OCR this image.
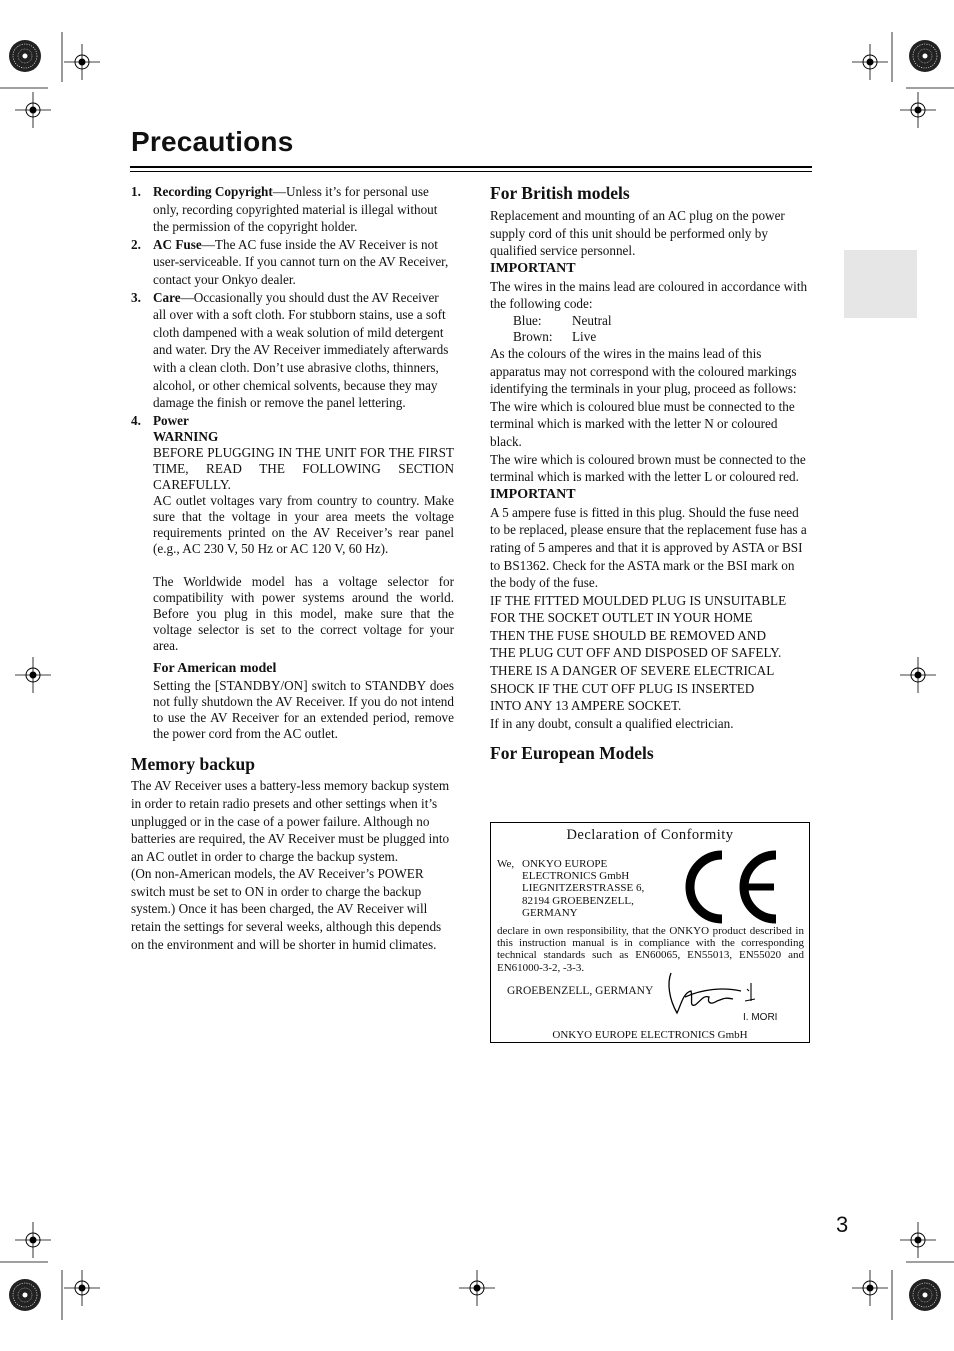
Precautions
1. Recording Copyright—Unless it’s for personal use only, recording copyrighted material is illegal without the permission of the copyright holder.
2. AC Fuse—The AC fuse inside the AV Receiver is not user-serviceable. If you cannot turn on the AV Receiver, contact your Onkyo dealer.
3. Care—Occasionally you should dust the AV Receiver all over with a soft cloth. For stubborn stains, use a soft cloth dampened with a weak solution of mild detergent and water. Dry the AV Receiver immediately afterwards with a clean cloth. Don’t use abrasive cloths, thinners, alcohol, or other chemical solvents, because they may damage the finish or remove the panel lettering.
4. Power
WARNING

BEFORE PLUGGING IN THE UNIT FOR THE FIRST TIME, READ THE FOLLOWING SECTION CAREFULLY.

AC outlet voltages vary from country to country. Make sure that the voltage in your area meets the voltage requirements printed on the AV Receiver’s rear panel (e.g., AC 230 V, 50 Hz or AC 120 V, 60 Hz).

The Worldwide model has a voltage selector for compatibility with power systems around the world. Before you plug in this model, make sure that the voltage selector is set to the correct voltage for your area.

For American model

Setting the [STANDBY/ON] switch to STANDBY does not fully shutdown the AV Receiver. If you do not intend to use the AV Receiver for an extended period, remove the power cord from the AC outlet.

Memory backup

The AV Receiver uses a battery-less memory backup system in order to retain radio presets and other settings when it’s unplugged or in the case of a power failure. Although no batteries are required, the AV Receiver must be plugged into an AC outlet in order to charge the backup system.

(On non-American models, the AV Receiver’s POWER switch must be set to ON in order to charge the backup system.) Once it has been charged, the AV Receiver will retain the settings for several weeks, although this depends on the environment and will be shorter in humid climates.

For British models

Replacement and mounting of an AC plug on the power supply cord of this unit should be performed only by qualified service personnel.

IMPORTANT

The wires in the mains lead are coloured in accordance with the following code:

Blue: Neutral
Brown: Live

As the colours of the wires in the mains lead of this apparatus may not correspond with the coloured markings identifying the terminals in your plug, proceed as follows:

The wire which is coloured blue must be connected to the terminal which is marked with the letter N or coloured black.

The wire which is coloured brown must be connected to the terminal which is marked with the letter L or coloured red.

IMPORTANT

A 5 ampere fuse is fitted in this plug. Should the fuse need to be replaced, please ensure that the replacement fuse has a rating of 5 amperes and that it is approved by ASTA or BSI to BS1362. Check for the ASTA mark or the BSI mark on the body of the fuse.

IF THE FITTED MOULDED PLUG IS UNSUITABLE
FOR THE SOCKET OUTLET IN YOUR HOME
THEN THE FUSE SHOULD BE REMOVED AND
THE PLUG CUT OFF AND DISPOSED OF SAFELY.
THERE IS A DANGER OF SEVERE ELECTRICAL
SHOCK IF THE CUT OFF PLUG IS INSERTED
INTO ANY 13 AMPERE SOCKET.

If in any doubt, consult a qualified electrician.

For European Models
Declaration of Conformity
We, ONKYO EUROPE
ELECTRONICS GmbH
LIEGNITZERSTRASSE 6,
82194 GROEBENZELL,
GERMANY
declare in own responsibility, that the ONKYO product described in this instruction manual is in compliance with the corresponding technical standards such as EN60065, EN55013, EN55020 and EN61000-3-2, -3-3.
GROEBENZELL, GERMANY
I. MORI
ONKYO EUROPE ELECTRONICS GmbH
3
